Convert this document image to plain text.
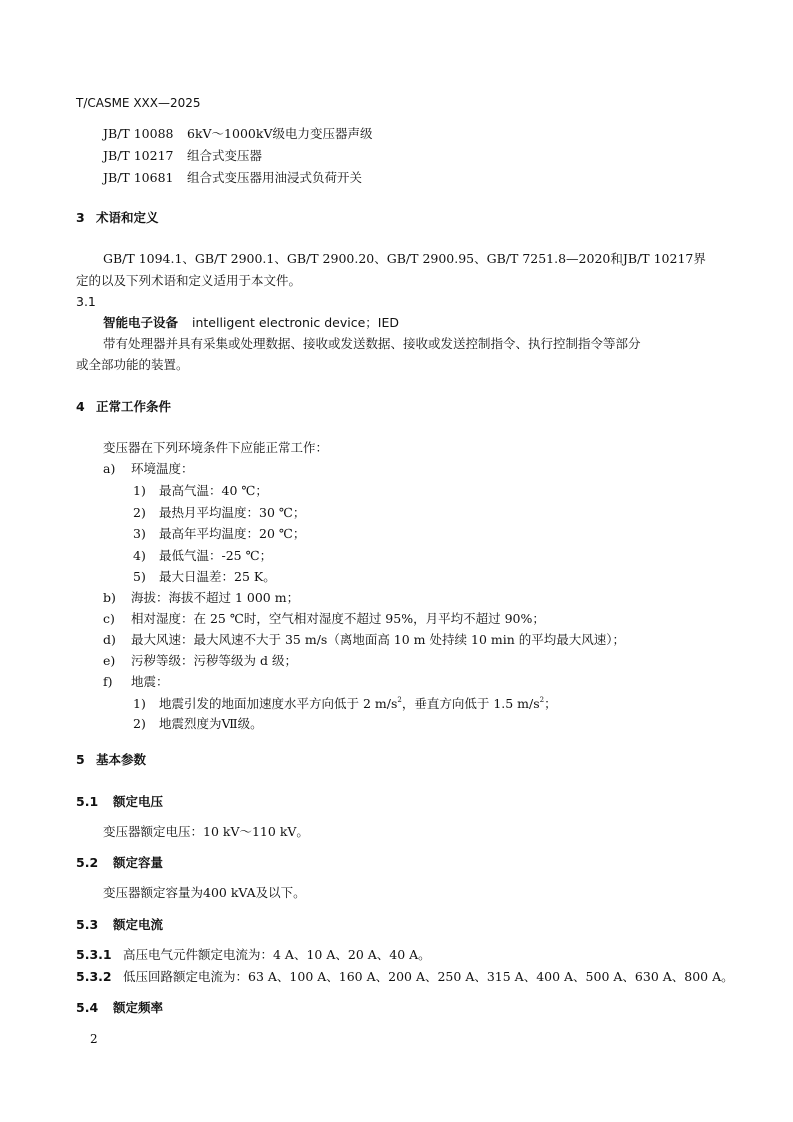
T/CASME XXX—2025
JB/T 10088 6kV～1000kV级电力变压器声级
JB/T 10217 组合式变压器
JB/T 10681 组合式变压器用油浸式负荷开关
3 术语和定义
GB/T 1094.1、GB/T 2900.1、GB/T 2900.20、GB/T 2900.95、GB/T 7251.8—2020和JB/T 10217界
定的以及下列术语和定义适用于本文件。
3.1
智能电子设备 intelligent electronic device；IED
带有处理器并具有采集或处理数据、接收或发送数据、接收或发送控制指令、执行控制指令等部分
或全部功能的装置。
4 正常工作条件
变压器在下列环境条件下应能正常工作：
a) 环境温度：
1) 最高气温：40 ℃；
2) 最热月平均温度：30 ℃；
3) 最高年平均温度：20 ℃；
4) 最低气温：-25 ℃；
5) 最大日温差：25 K。
b) 海拔：海拔不超过 1 000 m；
c) 相对湿度：在 25 ℃时，空气相对湿度不超过 95%，月平均不超过 90%；
d) 最大风速：最大风速不大于 35 m/s（离地面高 10 m 处持续 10 min 的平均最大风速）；
e) 污秽等级：污秽等级为 d 级；
f) 地震：
1) 地震引发的地面加速度水平方向低于 2 $m/s^2$，垂直方向低于 1.5 $m/s^2$；
2) 地震烈度为Ⅶ级。
5 基本参数
5.1 额定电压
变压器额定电压：10 kV～110 kV。
5.2 额定容量
变压器额定容量为400 kVA及以下。
5.3 额定电流
5.3.1 高压电气元件额定电流为：4 A、10 A、20 A、40 A。
5.3.2 低压回路额定电流为：63 A、100 A、160 A、200 A、250 A、315 A、400 A、500 A、630 A、800 A。
5.4 额定频率
2
